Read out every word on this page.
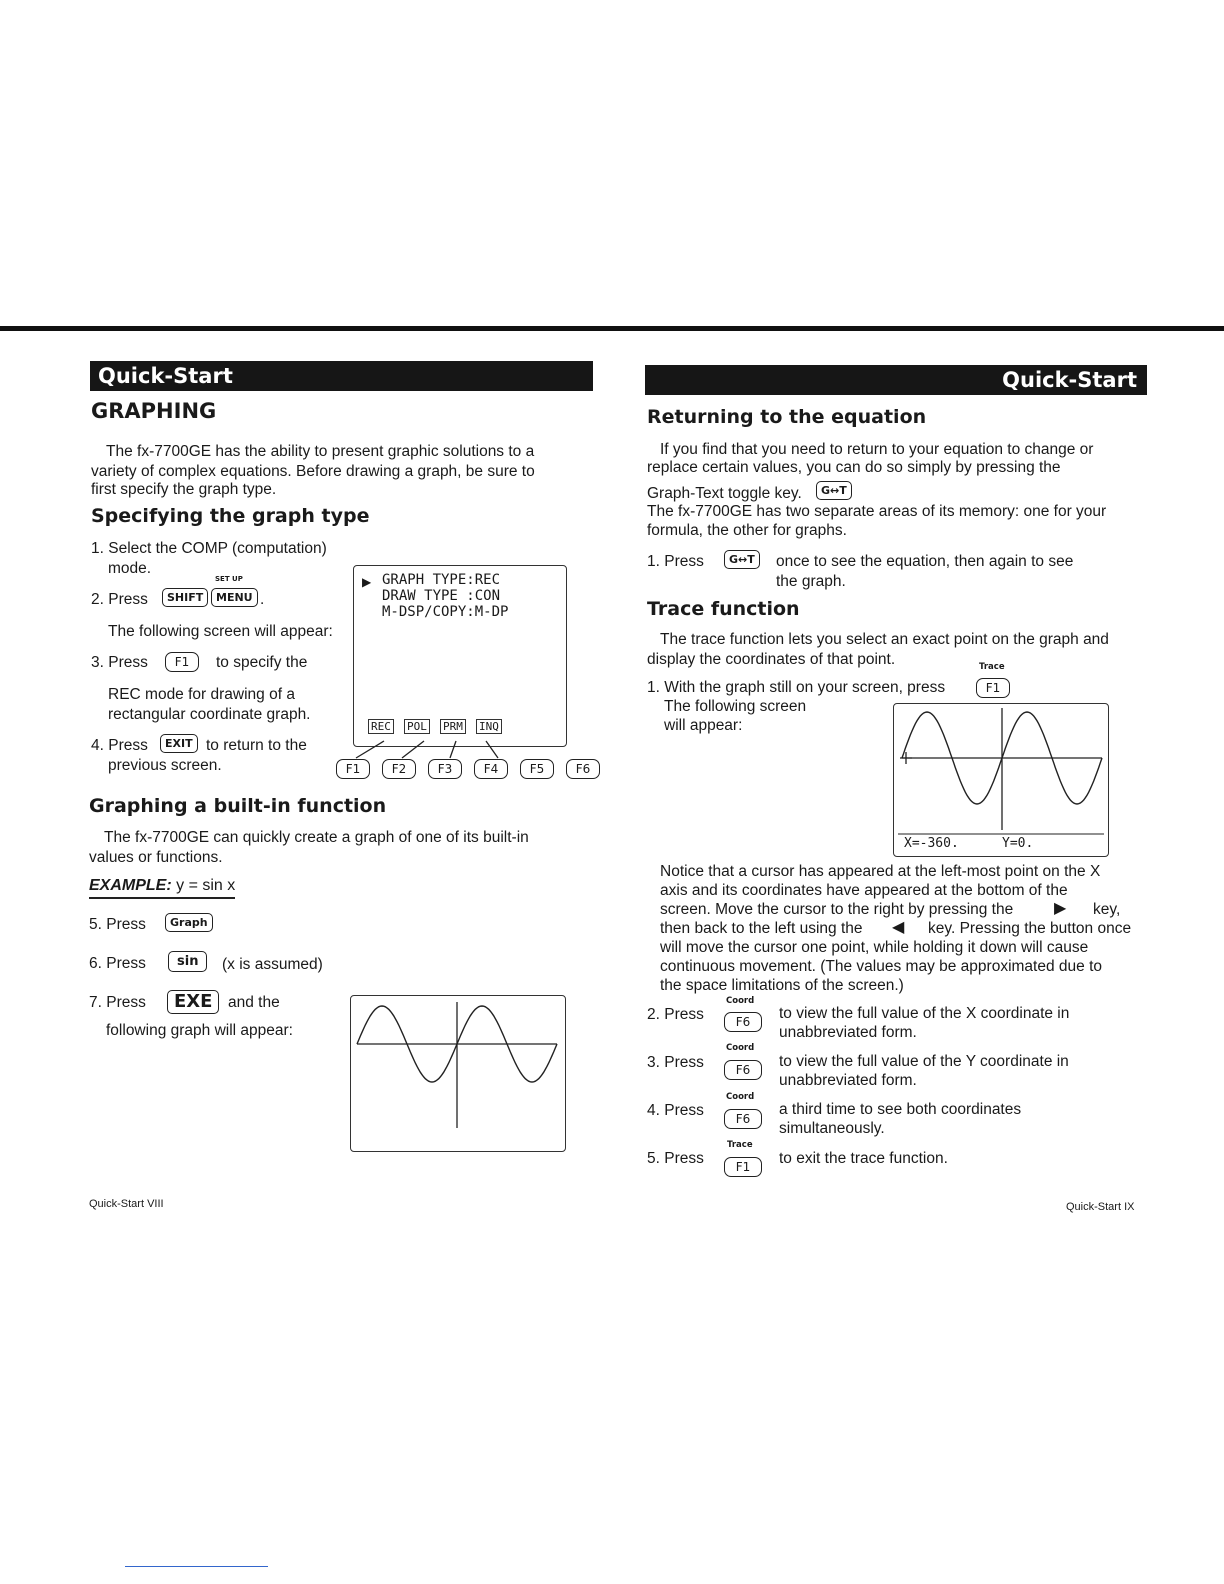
Quick-Start
GRAPHING
The fx-7700GE has the ability to present graphic solutions to a
variety of complex equations. Before drawing a graph, be sure to
first specify the graph type.
Specifying the graph type
1. Select the COMP (computation)
mode.
SET UP
2. Press	SHIFT	MENU .
The following screen will appear:
3. Press	F1	to specify the
REC mode for drawing of a
rectangular coordinate graph.
4. Press	EXIT to return to the
previous screen.
▶ GRAPH TYPE:REC
DRAW TYPE :CON
M-DSP/COPY:M-DP
REC POL PRM INQ
F1	F2	F3	F4	F5	F6
Graphing a built-in function
The fx-7700GE can quickly create a graph of one of its built-in
values or functions.
EXAMPLE: y = sin x
5. Press	Graph
6. Press	sin	(x is assumed)
7. Press	EXE	and the
following graph will appear:
Quick-Start VIII
Quick-Start
Returning to the equation
If you find that you need to return to your equation to change or
replace certain values, you can do so simply by pressing the
Graph-Text toggle key.	G↔T
The fx-7700GE has two separate areas of its memory: one for your
formula, the other for graphs.
1. Press	G↔T	once to see the equation, then again to see
the graph.
Trace function
The trace function lets you select an exact point on the graph and
display the coordinates of that point.	Trace
1. With the graph still on your screen, press	F1
The following screen
will appear:
X=-360.	Y=0.
Notice that a cursor has appeared at the left-most point on the X
axis and its coordinates have appeared at the bottom of the
screen. Move the cursor to the right by pressing the	▶ key,
then back to the left using the ◀ key. Pressing the button once
will move the cursor one point, while holding it down will cause
continuous movement. (The values may be approximated due to
the space limitations of the screen.)
2. Press
Coord
F6	to view the full value of the X coordinate in
unabbreviated form.
3. Press
Coord
F6	to view the full value of the Y coordinate in
unabbreviated form.
4. Press
Coord
F6
a third time to see both coordinates
simultaneously.
5. Press
Trace
F1	to exit the trace function.
Quick-Start IX
